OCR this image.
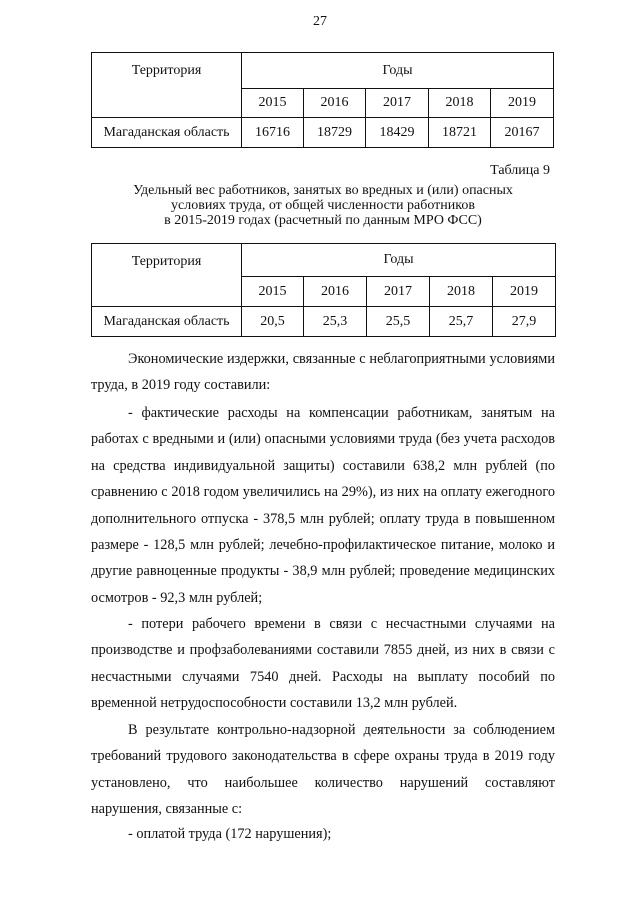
27
Территория	Годы				
	2015	2016	2017	2018	2019
Магаданская область	16716	18729	18429	18721	20167
Таблица 9
Удельный вес работников, занятых во вредных и (или) опасных
условиях труда, от общей численности работников
в 2015-2019 годах (расчетный по данным МРО ФСС)
Территория	Годы				
	2015	2016	2017	2018	2019
Магаданская область	20,5	25,3	25,5	25,7	27,9

Экономические издержки, связанные с неблагоприятными условиями труда, в 2019 году составили:

- фактические расходы на компенсации работникам, занятым на работах с вредными и (или) опасными условиями труда (без учета расходов на средства индивидуальной защиты) составили 638,2 млн рублей (по сравнению с 2018 годом увеличились на 29%), из них на оплату ежегодного дополнительного отпуска - 378,5 млн рублей; оплату труда в повышенном размере - 128,5 млн рублей; лечебно-профилактическое питание, молоко и другие равноценные продукты - 38,9 млн рублей; проведение медицинских осмотров - 92,3 млн рублей;

- потери рабочего времени в связи с несчастными случаями на производстве и профзаболеваниями составили 7855 дней, из них в связи с несчастными случаями 7540 дней. Расходы на выплату пособий по временной нетрудоспособности составили 13,2 млн рублей.

В результате контрольно-надзорной деятельности за соблюдением требований трудового законодательства в сфере охраны труда в 2019 году установлено, что наибольшее количество нарушений составляют нарушения, связанные с:

- оплатой труда (172 нарушения);
